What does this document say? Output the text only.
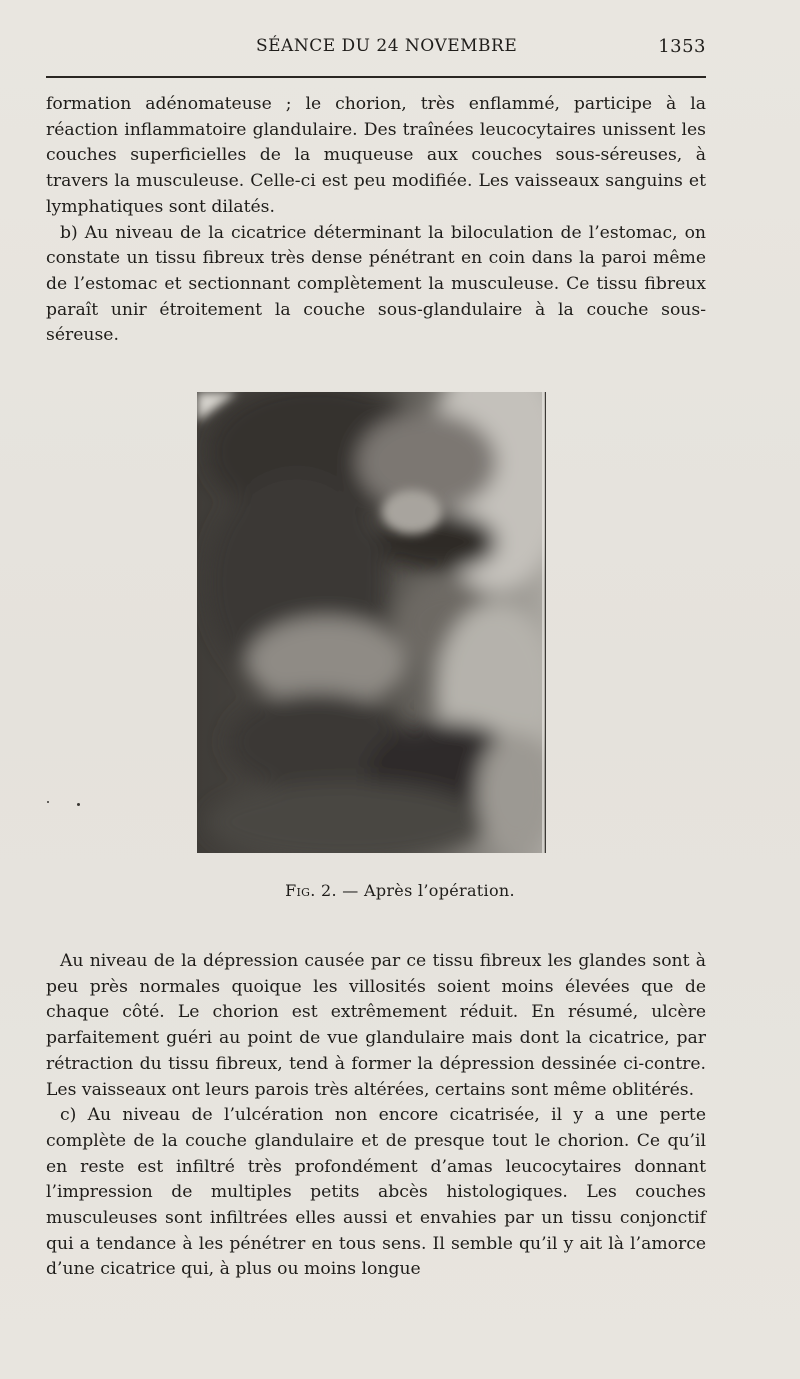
SÉANCE DU 24 NOVEMBRE	1353

formation adénomateuse ; le chorion, très enflammé, participe à la réaction inflammatoire glandulaire. Des traînées leucocytaires unissent les couches superficielles de la muqueuse aux couches sous-séreuses, à travers la musculeuse. Celle-ci est peu modifiée. Les vaisseaux sanguins et lymphatiques sont dilatés.

b) Au niveau de la cicatrice déterminant la biloculation de l’estomac, on constate un tissu fibreux très dense pénétrant en coin dans la paroi même de l’estomac et sectionnant complètement la musculeuse. Ce tissu fibreux paraît unir étroitement la couche sous-glandulaire à la couche sous-séreuse.

Fig. 2. — Après l’opération.

Au niveau de la dépression causée par ce tissu fibreux les glandes sont à peu près normales quoique les villosités soient moins élevées que de chaque côté. Le chorion est extrêmement réduit. En résumé, ulcère parfaitement guéri au point de vue glandulaire mais dont la cicatrice, par rétraction du tissu fibreux, tend à former la dépression dessinée ci-contre. Les vaisseaux ont leurs parois très altérées, certains sont même oblitérés.

c) Au niveau de l’ulcération non encore cicatrisée, il y a une perte complète de la couche glandulaire et de presque tout le chorion. Ce qu’il en reste est infiltré très profondément d’amas leucocytaires donnant l’impression de multiples petits abcès histologiques. Les couches musculeuses sont infiltrées elles aussi et envahies par un tissu conjonctif qui a tendance à les pénétrer en tous sens. Il semble qu’il y ait là l’amorce d’une cicatrice qui, à plus ou moins longue
